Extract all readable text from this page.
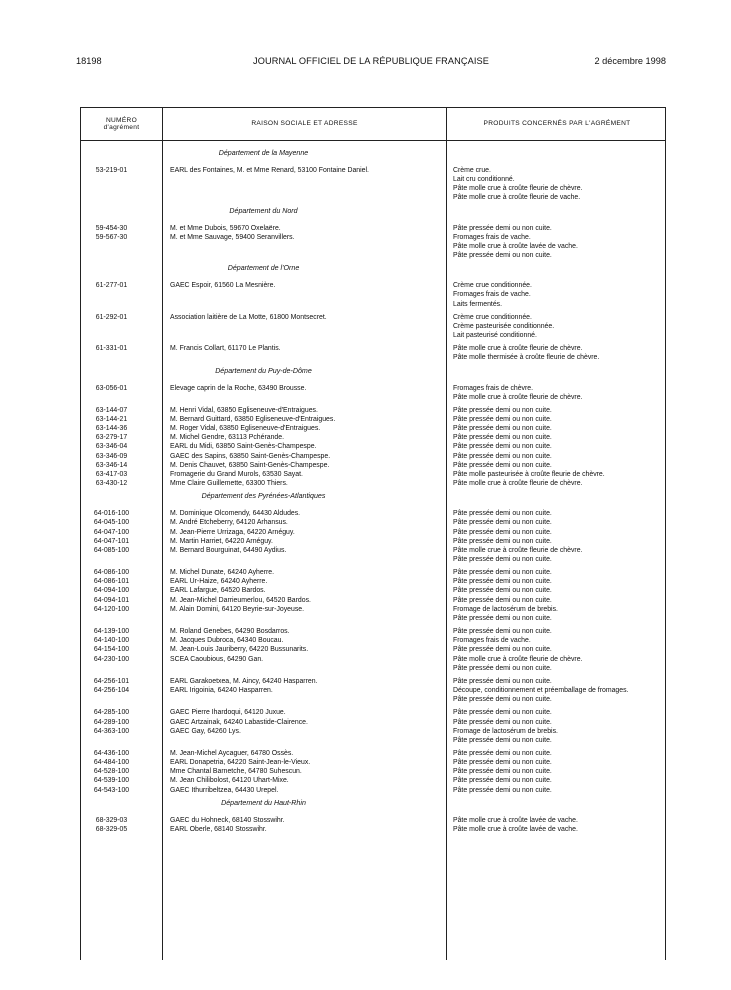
18198	JOURNAL OFFICIEL DE LA RÉPUBLIQUE FRANÇAISE	2 décembre 1998
NUMÉRO d'agrément
RAISON SOCIALE ET ADRESSE	PRODUITS CONCERNÉS PAR L'AGRÉMENT
Département de la Mayenne
53-219-01	EARL des Fontaines, M. et Mme Renard, 53100 Fontaine Daniel.	Crème crue.
Lait cru conditionné.
Pâte molle crue à croûte fleurie de chèvre.
Pâte molle crue à croûte fleurie de vache.
Département du Nord
59-454-30	M. et Mme Dubois, 59670 Oxelaëre.	Pâte pressée demi ou non cuite.
59-567-30	M. et Mme Sauvage, 59400 Seranvillers.	Fromages frais de vache.
Pâte molle crue à croûte lavée de vache.
Pâte pressée demi ou non cuite.
Département de l'Orne
61-277-01	GAEC Espoir, 61560 La Mesnière.	Crème crue conditionnée.
Fromages frais de vache.
Laits fermentés.
61-292-01	Association laitière de La Motte, 61800 Montsecret.	Crème crue conditionnée.
Crème pasteurisée conditionnée.
Lait pasteurisé conditionné.
61-331-01	M. Francis Collart, 61170 Le Plantis.	Pâte molle crue à croûte fleurie de chèvre.
Pâte molle thermisée à croûte fleurie de chèvre.
Département du Puy-de-Dôme
63-056-01	Elevage caprin de la Roche, 63490 Brousse.	Fromages frais de chèvre.
Pâte molle crue à croûte fleurie de chèvre.
63-144-07	M. Henri Vidal, 63850 Egliseneuve-d'Entraigues.	Pâte pressée demi ou non cuite.
63-144-21	M. Bernard Guittard, 63850 Egliseneuve-d'Entraigues.	Pâte pressée demi ou non cuite.
63-144-36	M. Roger Vidal, 63850 Egliseneuve-d'Entraigues.	Pâte pressée demi ou non cuite.
63-279-17	M. Michel Gendre, 63113 Pchérande.	Pâte pressée demi ou non cuite.
63-346-04	EARL du Midi, 63850 Saint-Genès-Champespe.	Pâte pressée demi ou non cuite.
63-346-09	GAEC des Sapins, 63850 Saint-Genès-Champespe.	Pâte pressée demi ou non cuite.
63-346-14	M. Denis Chauvet, 63850 Saint-Genès-Champespe.	Pâte pressée demi ou non cuite.
63-417-03	Fromagerie du Grand Murols, 63530 Sayat.	Pâte molle pasteurisée à croûte fleurie de chèvre.
63-430-12	Mme Claire Guillemette, 63300 Thiers.	Pâte molle crue à croûte fleurie de chèvre.
Département des Pyrénées-Atlantiques
64-016-100	M. Dominique Olcomendy, 64430 Aldudes.	Pâte pressée demi ou non cuite.
64-045-100	M. André Etcheberry, 64120 Arhansus.	Pâte pressée demi ou non cuite.
64-047-100	M. Jean-Pierre Urrizaga, 64220 Arnéguy.	Pâte pressée demi ou non cuite.
64-047-101	M. Martin Harriet, 64220 Arnéguy.	Pâte pressée demi ou non cuite.
64-085-100	M. Bernard Bourguinat, 64490 Aydius.	Pâte molle crue à croûte fleurie de chèvre.
Pâte pressée demi ou non cuite.
64-086-100	M. Michel Dunate, 64240 Ayherre.	Pâte pressée demi ou non cuite.
64-086-101	EARL Ur-Haize, 64240 Ayherre.	Pâte pressée demi ou non cuite.
64-094-100	EARL Lafargue, 64520 Bardos.	Pâte pressée demi ou non cuite.
64-094-101	M. Jean-Michel Darrieumerlou, 64520 Bardos.	Pâte pressée demi ou non cuite.
64-120-100	M. Alain Domini, 64120 Beyrie-sur-Joyeuse.	Fromage de lactosérum de brebis.
Pâte pressée demi ou non cuite.
64-139-100	M. Roland Genebes, 64290 Bosdarros.	Pâte pressée demi ou non cuite.
64-140-100	M. Jacques Dubroca, 64340 Boucau.	Fromages frais de vache.
64-154-100	M. Jean-Louis Jauriberry, 64220 Bussunarits.	Pâte pressée demi ou non cuite.
64-230-100	SCEA Caoubious, 64290 Gan.	Pâte molle crue à croûte fleurie de chèvre.
Pâte pressée demi ou non cuite.
64-256-101	EARL Garakoetxea, M. Aincy, 64240 Hasparren.	Pâte pressée demi ou non cuite.
64-256-104	EARL Irigoinia, 64240 Hasparren.	Découpe, conditionnement et préemballage de fromages.
Pâte pressée demi ou non cuite.
64-285-100	GAEC Pierre Ihardoqui, 64120 Juxue.	Pâte pressée demi ou non cuite.
64-289-100	GAEC Artzainak, 64240 Labastide-Clairence.	Pâte pressée demi ou non cuite.
64-363-100	GAEC Gay, 64260 Lys.	Fromage de lactosérum de brebis.
Pâte pressée demi ou non cuite.
64-436-100	M. Jean-Michel Aycaguer, 64780 Ossès.	Pâte pressée demi ou non cuite.
64-484-100	EARL Donapetria, 64220 Saint-Jean-le-Vieux.	Pâte pressée demi ou non cuite.
64-528-100	Mme Chantal Barnetche, 64780 Suhescun.	Pâte pressée demi ou non cuite.
64-539-100	M. Jean Chilibolost, 64120 Uhart-Mixe.	Pâte pressée demi ou non cuite.
64-543-100	GAEC Ithurribeltzea, 64430 Urepel.	Pâte pressée demi ou non cuite.
Département du Haut-Rhin
68-329-03	GAEC du Hohneck, 68140 Stosswihr.	Pâte molle crue à croûte lavée de vache.
68-329-05	EARL Oberle, 68140 Stosswihr.	Pâte molle crue à croûte lavée de vache.
